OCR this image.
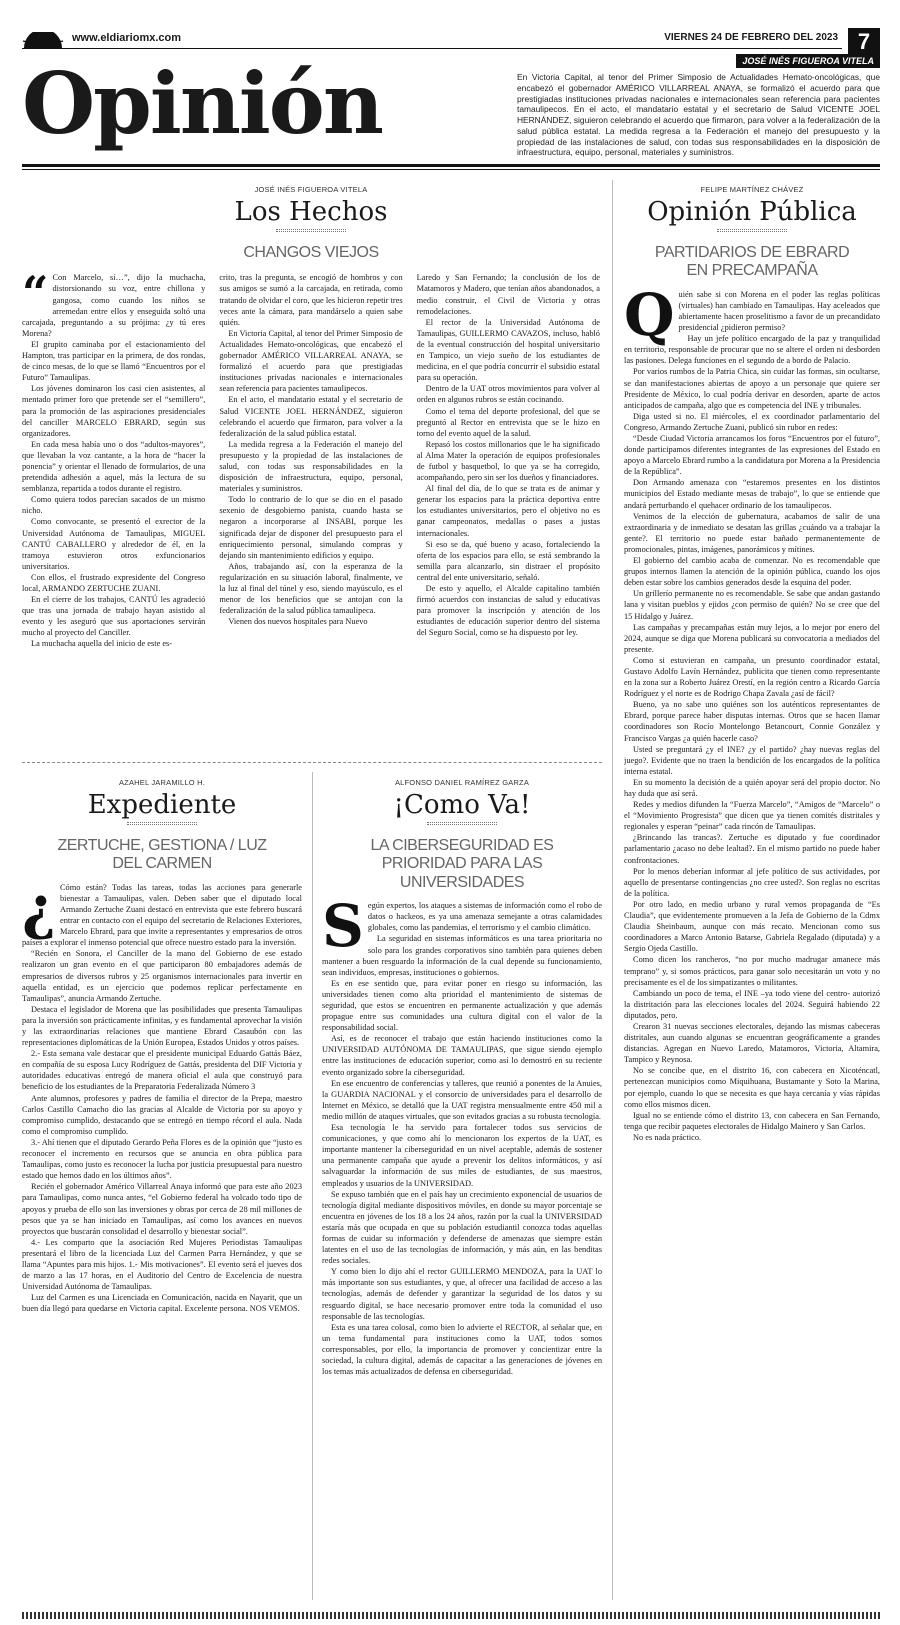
www.eldiariomx.com	VIERNES 24 DE FEBRERO DEL 2023 7
JOSÉ INÉS FIGUEROA VITELA
Opinión	En Victoria Capital, al tenor del Primer Simposio de Actualidades Hemato-oncológicas, que encabezó el gobernador AMÉRICO VILLARREAL ANAYA, se formalizó el acuerdo para que prestigiadas instituciones privadas nacionales e internacionales sean referencia para pacientes tamaulipecos. En el acto, el mandatario estatal y el secretario de Salud VICENTE JOEL HERNÁNDEZ, siguieron celebrando el acuerdo que firmaron, para volver a la federalización de la salud pública estatal. La medida regresa a la Federación el manejo del presupuesto y la propiedad de las instalaciones de salud, con todas sus responsabilidades en la disposición de infraestructura, equipo, personal, materiales y suministros.
JOSÉ INÉS FIGUEROA VITELA
Los Hechos
CHANGOS VIEJOS

“ Con Marcelo, sí…”, dijo la muchacha, distorsionando su voz, entre chillona y gangosa, como cuando los niños se arremedan entre ellos y enseguida soltó una carcajada, preguntando a su prójima: ¿y tú eres Morena?

El grupito caminaba por el estacionamiento del Hampton, tras participar en la primera, de dos rondas, de cinco mesas, de lo que se llamó “Encuentros por el Futuro” Tamaulipas.

Los jóvenes dominaron los casi cien asistentes, al mentado primer foro que pretende ser el “semillero”, para la promoción de las aspiraciones presidenciales del canciller MARCELO EBRARD, según sus organizadores.

En cada mesa había uno o dos “adultos-mayores”, que llevaban la voz cantante, a la hora de “hacer la ponencia” y orientar el llenado de formularios, de una pretendida adhesión a aquel, más la lectura de su semblanza, repartida a todos durante el registro.

Como quiera todos parecían sacados de un mismo nicho.

Como convocante, se presentó el exrector de la Universidad Autónoma de Tamaulipas, MIGUEL CANTÚ CABALLERO y alrededor de él, en la tramoya estuvieron otros exfuncionarios universitarios.

Con ellos, el frustrado expresidente del Congreso local, ARMANDO ZERTUCHE ZUANI.

En el cierre de los trabajos, CANTÚ les agradeció que tras una jornada de trabajo hayan asistido al evento y les aseguró que sus aportaciones servirán mucho al proyecto del Canciller.

La muchacha aquella del inicio de este es-

crito, tras la pregunta, se encogió de hombros y con sus amigos se sumó a la carcajada, en retirada, como tratando de olvidar el coro, que les hicieron repetir tres veces ante la cámara, para mandárselo a quien sabe quién.

En Victoria Capital, al tenor del Primer Simposio de Actualidades Hemato-oncológicas, que encabezó el gobernador AMÉRICO VILLARREAL ANAYA, se formalizó el acuerdo para que prestigiadas instituciones privadas nacionales e internacionales sean referencia para pacientes tamaulipecos.

En el acto, el mandatario estatal y el secretario de Salud VICENTE JOEL HERNÁNDEZ, siguieron celebrando el acuerdo que firmaron, para volver a la federalización de la salud pública estatal.

La medida regresa a la Federación el manejo del presupuesto y la propiedad de las instalaciones de salud, con todas sus responsabilidades en la disposición de infraestructura, equipo, personal, materiales y suministros.

Todo lo contrario de lo que se dio en el pasado sexenio de desgobierno panista, cuando hasta se negaron a incorporarse al INSABI, porque les significada dejar de disponer del presupuesto para el enriquecimiento personal, simulando compras y dejando sin mantenimiento edificios y equipo.

Años, trabajando así, con la esperanza de la regularización en su situación laboral, finalmente, ve la luz al final del túnel y eso, siendo mayúsculo, es el menor de los beneficios que se antojan con la federalización de la salud pública tamaulipeca.

Vienen dos nuevos hospitales para Nuevo

Laredo y San Fernando; la conclusión de los de Matamoros y Madero, que tenían años abandonados, a medio construir, el Civil de Victoria y otras remodelaciones.

El rector de la Universidad Autónoma de Tamaulipas, GUILLERMO CAVAZOS, incluso, habló de la eventual construcción del hospital universitario en Tampico, un viejo sueño de los estudiantes de medicina, en el que podría concurrir el subsidio estatal para su operación.

Dentro de la UAT otros movimientos para volver al orden en algunos rubros se están cocinando.

Como el tema del deporte profesional, del que se preguntó al Rector en entrevista que se le hizo en torno del evento aquel de la salud.

Repasó los costos millonarios que le ha significado al Alma Mater la operación de equipos profesionales de futbol y basquetbol, lo que ya se ha corregido, acompañando, pero sin ser los dueños y financiadores.

Al final del día, de lo que se trata es de animar y generar los espacios para la práctica deportiva entre los estudiantes universitarios, pero el objetivo no es ganar campeonatos, medallas o pases a justas internacionales.

Si eso se da, qué bueno y acaso, fortaleciendo la oferta de los espacios para ello, se está sembrando la semilla para alcanzarlo, sin distraer el propósito central del ente universitario, señaló.

De esto y aquello, el Alcalde capitalino también firmó acuerdos con instancias de salud y educativas para promover la inscripción y atención de los estudiantes de educación superior dentro del sistema del Seguro Social, como se ha dispuesto por ley.

FELIPE MARTÍNEZ CHÁVEZ
Opinión Pública
PARTIDARIOS DE EBRARD EN PRECAMPAÑA
Q uién sabe si con Morena en el poder las reglas políticas (virtuales) han cambiado en Tamaulipas. Hay aceleados que abiertamente hacen proselitismo a favor de un precandidato presidencial ¿pidieron permiso?

Hay un jefe político encargado de la paz y tranquilidad en territorio, responsable de procurar que no se altere el orden ni desborden las pasiones. Delega funciones en el segundo de a bordo de Palacio.

Por varios rumbos de la Patria Chica, sin cuidar las formas, sin ocultarse, se dan manifestaciones abiertas de apoyo a un personaje que quiere ser Presidente de México, lo cual podría derivar en desorden, aparte de actos anticipados de campaña, algo que es competencia del INE y tribunales.

Diga usted si no. El miércoles, el ex coordinador parlamentario del Congreso, Armando Zertuche Zuani, publicó sin rubor en redes:

“Desde Ciudad Victoria arrancamos los foros “Encuentros por el futuro”, donde participamos diferentes integrantes de las expresiones del Estado en apoyo a Marcelo Ebrard rumbo a la candidatura por Morena a la Presidencia de la República”.

Don Armando amenaza con “estaremos presentes en los distintos municipios del Estado mediante mesas de trabajo”, lo que se entiende que andará perturbando el quehacer ordinario de los tamaulipecos.

Venimos de la elección de gubernatura, acabamos de salir de una extraordinaria y de inmediato se desatan las grillas ¿cuándo va a trabajar la gente?. El territorio no puede estar bañado permanentemente de promocionales, pintas, imágenes, panorámicos y mítines.

El gobierno del cambio acaba de comenzar. No es recomendable que grupos internos llamen la atención de la opinión pública, cuando los ojos deben estar sobre los cambios generados desde la esquina del poder.

Un grillerío permanente no es recomendable. Se sabe que andan gastando lana y visitan pueblos y ejidos ¿con permiso de quién? No se cree que del 15 Hidalgo y Juárez.

Las campañas y precampañas están muy lejos, a lo mejor por enero del 2024, aunque se diga que Morena publicará su convocatoria a mediados del presente.

Como si estuvieran en campaña, un presunto coordinador estatal, Gustavo Adolfo Lavín Hernández, publicita que tienen como representante en la zona sur a Roberto Juárez Orestí, en la región centro a Ricardo García Rodríguez y el norte es de Rodrigo Chapa Zavala ¿así de fácil?

Bueno, ya no sabe uno quiénes son los auténticos representantes de Ebrard, porque parece haber disputas internas. Otros que se hacen llamar coordinadores son Rocío Montelongo Betancourt, Connie González y Francisco Vargas ¿a quién hacerle caso?

Usted se preguntará ¿y el INE? ¿y el partido? ¿hay nuevas reglas del juego?. Evidente que no traen la bendición de los encargados de la política interna estatal.

En su momento la decisión de a quién apoyar será del propio doctor. No hay duda que así será.

Redes y medios difunden la “Fuerza Marcelo”, “Amigos de “Marcelo” o el “Movimiento Progresista” que dicen que ya tienen comités distritales y regionales y esperan “peinar” cada rincón de Tamaulipas.

¿Brincando las trancas?. Zertuche es diputado y fue coordinador parlamentario ¿acaso no debe lealtad?. En el mismo partido no puede haber confrontaciones.

Por lo menos deberían informar al jefe político de sus actividades, por aquello de presentarse contingencias ¿no cree usted?. Son reglas no escritas de la política.

Por otro lado, en medio urbano y rural vemos propaganda de “Es Claudia”, que evidentemente promueven a la Jefa de Gobierno de la Cdmx Claudia Sheinbaum, aunque con más recato. Mencionan como sus coordinadores a Marco Antonio Batarse, Gabriela Regalado (diputada) y a Sergio Ojeda Castillo.

Como dicen los rancheros, “no por mucho madrugar amanece más temprano” y, si somos prácticos, para ganar solo necesitarán un voto y no precisamente es el de los simpatizantes o militantes.

Cambiando un poco de tema, el INE –ya todo viene del centro- autorizó la distritación para las elecciones locales del 2024. Seguirá habiendo 22 diputados, pero.

Crearon 31 nuevas secciones electorales, dejando las mismas cabeceras distritales, aun cuando algunas se encuentran geográficamente a grandes distancias. Agregan en Nuevo Laredo, Matamoros, Victoria, Altamira, Tampico y Reynosa.

No se concibe que, en el distrito 16, con cabecera en Xicoténcatl, pertenezcan municipios como Miquihuana, Bustamante y Soto la Marina, por ejemplo, cuando lo que se necesita es que haya cercanía y vías rápidas como ellos mismos dicen.

Igual no se entiende cómo el distrito 13, con cabecera en San Fernando, tenga que recibir paquetes electorales de Hidalgo Mainero y San Carlos.

No es nada práctico.

AZAHEL JARAMILLO H.
Expediente
ZERTUCHE, GESTIONA / LUZ DEL CARMEN
¿ Cómo están? Todas las tareas, todas las acciones para generarle bienestar a Tamaulipas, valen. Deben saber que el diputado local Armando Zertuche Zuani destacó en entrevista que este febrero buscará entrar en contacto con el equipo del secretario de Relaciones Exteriores, Marcelo Ebrard, para que invite a representantes y empresarios de otros países a explorar el inmenso potencial que ofrece nuestro estado para la inversión.

“Recién en Sonora, el Canciller de la mano del Gobierno de ese estado realizaron un gran evento en el que participaron 80 embajadores además de empresarios de diversos rubros y 25 organismos internacionales para invertir en aquella entidad, es un ejercicio que podemos replicar perfectamente en Tamaulipas”, anuncia Armando Zertuche.

Destaca el legislador de Morena que las posibilidades que presenta Tamaulipas para la inversión son prácticamente infinitas, y es fundamental aprovechar la visión y las extraordinarias relaciones que mantiene Ebrard Casaubón con las representaciones diplomáticas de la Unión Europea, Estados Unidos y otros países.

2.- Esta semana vale destacar que el presidente municipal Eduardo Gattás Báez, en compañía de su esposa Lucy Rodríguez de Gattás, presidenta del DIF Victoria y autoridades educativas entregó de manera oficial el aula que construyó para beneficio de los estudiantes de la Preparatoria Federalizada Número 3

Ante alumnos, profesores y padres de familia el director de la Prepa, maestro Carlos Castillo Camacho dio las gracias al Alcalde de Victoria por su apoyo y compromiso cumplido, destacando que se entregó en tiempo récord el aula. Nada como el compromiso cumplido.

3.- Ahí tienen que el diputado Gerardo Peña Flores es de la opinión que “justo es reconocer el incremento en recursos que se anuncia en obra pública para Tamaulipas, como justo es reconocer la lucha por justicia presupuestal para nuestro estado que hemos dado en los últimos años”.

Recién el gobernador Américo Villarreal Anaya informó que para este año 2023 para Tamaulipas, como nunca antes, “el Gobierno federal ha volcado todo tipo de apoyos y prueba de ello son las inversiones y obras por cerca de 28 mil millones de pesos que ya se han iniciado en Tamaulipas, así como los avances en nuevos proyectos que buscarán consolidad el desarrollo y bienestar social”.

4.- Les comparto que la asociación Red Mujeres Periodistas Tamaulipas presentará el libro de la licenciada Luz del Carmen Parra Hernández, y que se llama “Apuntes para mis hijos. 1.- Mis motivaciones”. El evento será el jueves dos de marzo a las 17 horas, en el Auditorio del Centro de Excelencia de nuestra Universidad Autónoma de Tamaulipas.

Luz del Carmen es una Licenciada en Comunicación, nacida en Nayarit, que un buen día llegó para quedarse en Victoria capital. Excelente persona. NOS VEMOS.

ALFONSO DANIEL RAMÍREZ GARZA
¡Como Va!
LA CIBERSEGURIDAD ES PRIORIDAD PARA LAS UNIVERSIDADES
S egún expertos, los ataques a sistemas de información como el robo de datos o hackeos, es ya una amenaza semejante a otras calamidades globales, como las pandemias, el terrorismo y el cambio climático.

La seguridad en sistemas informáticos es una tarea prioritaria no solo para los grandes corporativos sino también para quienes deben mantener a buen resguardo la información de la cual depende su funcionamiento, sean individuos, empresas, instituciones o gobiernos.

Es en ese sentido que, para evitar poner en riesgo su información, las universidades tienen como alta prioridad el mantenimiento de sistemas de seguridad, que estos se encuentren en permanente actualización y que además propague entre sus comunidades una cultura digital con el valor de la responsabilidad social.

Así, es de reconocer el trabajo que están haciendo instituciones como la UNIVERSIDAD AUTÓNOMA DE TAMAULIPAS, que sigue siendo ejemplo entre las instituciones de educación superior, como así lo demostró en su reciente evento organizado sobre la ciberseguridad.

En ese encuentro de conferencias y talleres, que reunió a ponentes de la Anuies, la GUARDIA NACIONAL y el consorcio de universidades para el desarrollo de Internet en México, se detalló que la UAT registra mensualmente entre 450 mil a medio millón de ataques virtuales, que son evitados gracias a su robusta tecnología.

Esa tecnología le ha servido para fortalecer todos sus servicios de comunicaciones, y que como ahí lo mencionaron los expertos de la UAT, es importante mantener la ciberseguridad en un nivel aceptable, además de sostener una permanente campaña que ayude a prevenir los delitos informáticos, y así salvaguardar la información de sus miles de estudiantes, de sus maestros, empleados y usuarios de la UNIVERSIDAD.

Se expuso también que en el país hay un crecimiento exponencial de usuarios de tecnología digital mediante dispositivos móviles, en donde su mayor porcentaje se encuentra en jóvenes de los 18 a los 24 años, razón por la cual la UNIVERSIDAD estaría más que ocupada en que su población estudiantil conozca todas aquellas formas de cuidar su información y defenderse de amenazas que siempre están latentes en el uso de las tecnologías de información, y más aún, en las benditas redes sociales.

Y como bien lo dijo ahí el rector GUILLERMO MENDOZA, para la UAT lo más importante son sus estudiantes, y que, al ofrecer una facilidad de acceso a las tecnologías, además de defender y garantizar la seguridad de los datos y su resguardo digital, se hace necesario promover entre toda la comunidad el uso responsable de las tecnologías.

Esta es una tarea colosal, como bien lo advierte el RECTOR, al señalar que, en un tema fundamental para instituciones como la UAT, todos somos corresponsables, por ello, la importancia de promover y concientizar entre la sociedad, la cultura digital, además de capacitar a las generaciones de jóvenes en los temas más actualizados de defensa en ciberseguridad.
